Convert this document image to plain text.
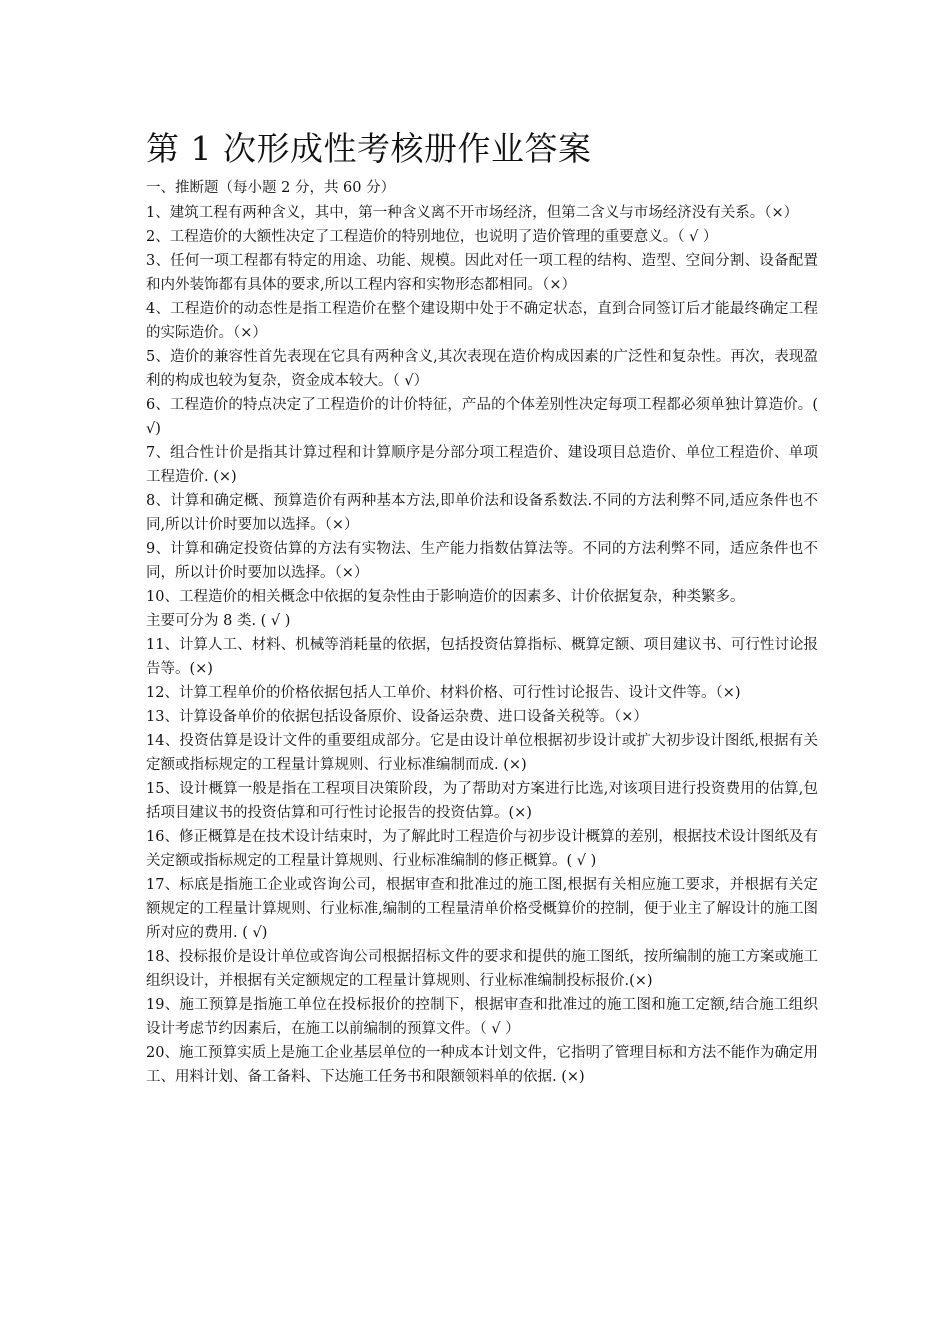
第 1 次形成性考核册作业答案

一、推断题（每小题 2 分，共 60 分）

1、建筑工程有两种含义，其中，第一种含义离不开市场经济，但第二含义与市场经济没有关系。（×）

2、工程造价的大额性决定了工程造价的特别地位，也说明了造价管理的重要意义。（ √ ）

3、任何一项工程都有特定的用途、功能、规模。因此对任一项工程的结构、造型、空间分割、设备配置和内外装饰都有具体的要求,所以工程内容和实物形态都相同。（×）

4、工程造价的动态性是指工程造价在整个建设期中处于不确定状态，直到合同签订后才能最终确定工程的实际造价。（×）

5、造价的兼容性首先表现在它具有两种含义,其次表现在造价构成因素的广泛性和复杂性。再次，表现盈利的构成也较为复杂，资金成本较大。（ √）

6、工程造价的特点决定了工程造价的计价特征，产品的个体差别性决定每项工程都必须单独计算造价。( √)

7、组合性计价是指其计算过程和计算顺序是分部分项工程造价、建设项目总造价、单位工程造价、单项工程造价. (×)

8、计算和确定概、预算造价有两种基本方法,即单价法和设备系数法.不同的方法利弊不同,适应条件也不同,所以计价时要加以选择。（×）

9、计算和确定投资估算的方法有实物法、生产能力指数估算法等。不同的方法利弊不同，适应条件也不同，所以计价时要加以选择。（×）

10、工程造价的相关概念中依据的复杂性由于影响造价的因素多、计价依据复杂，种类繁多。

主要可分为 8 类. ( √ )

11、计算人工、材料、机械等消耗量的依据，包括投资估算指标、概算定额、项目建议书、可行性讨论报告等。(×)

12、计算工程单价的价格依据包括人工单价、材料价格、可行性讨论报告、设计文件等。（×)

13、计算设备单价的依据包括设备原价、设备运杂费、进口设备关税等。（×）

14、投资估算是设计文件的重要组成部分。它是由设计单位根据初步设计或扩大初步设计图纸,根据有关定额或指标规定的工程量计算规则、行业标准编制而成. (×)

15、设计概算一般是指在工程项目决策阶段，为了帮助对方案进行比选,对该项目进行投资费用的估算,包括项目建议书的投资估算和可行性讨论报告的投资估算。(×)

16、修正概算是在技术设计结束时，为了解此时工程造价与初步设计概算的差别，根据技术设计图纸及有关定额或指标规定的工程量计算规则、行业标准编制的修正概算。( √ )

17、标底是指施工企业或咨询公司，根据审查和批准过的施工图,根据有关相应施工要求，并根据有关定额规定的工程量计算规则、行业标准,编制的工程量清单价格受概算价的控制，便于业主了解设计的施工图所对应的费用. ( √)

18、投标报价是设计单位或咨询公司根据招标文件的要求和提供的施工图纸，按所编制的施工方案或施工组织设计，并根据有关定额规定的工程量计算规则、行业标准编制投标报价.(×)

19、施工预算是指施工单位在投标报价的控制下，根据审查和批准过的施工图和施工定额,结合施工组织设计考虑节约因素后，在施工以前编制的预算文件。（ √ ）

20、施工预算实质上是施工企业基层单位的一种成本计划文件，它指明了管理目标和方法不能作为确定用工、用料计划、备工备料、下达施工任务书和限额领料单的依据. (×)
